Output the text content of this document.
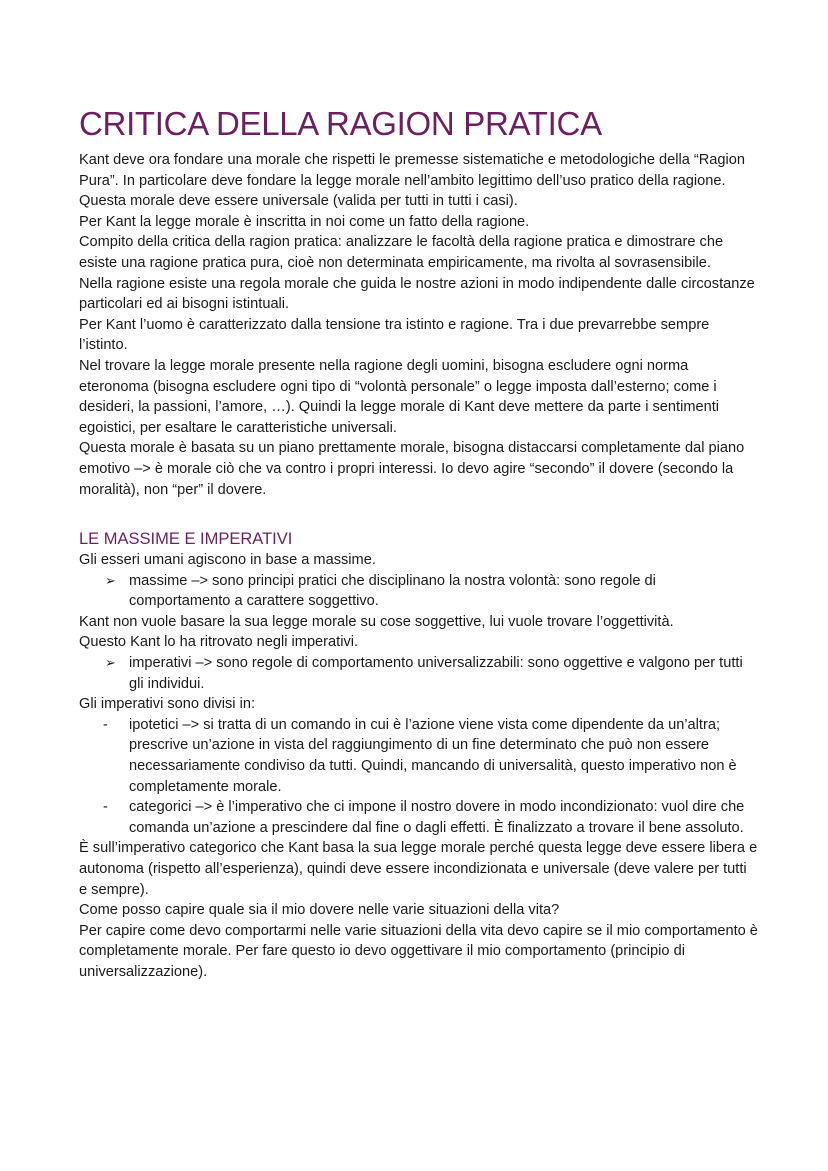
CRITICA DELLA RAGION PRATICA

Kant deve ora fondare una morale che rispetti le premesse sistematiche e metodologiche della “Ragion Pura”. In particolare deve fondare la legge morale nell’ambito legittimo dell’uso pratico della ragione. Questa morale deve essere universale (valida per tutti in tutti i casi).

Per Kant la legge morale è inscritta in noi come un fatto della ragione.

Compito della critica della ragion pratica: analizzare le facoltà della ragione pratica e dimostrare che esiste una ragione pratica pura, cioè non determinata empiricamente, ma rivolta al sovrasensibile.

Nella ragione esiste una regola morale che guida le nostre azioni in modo indipendente dalle circostanze particolari ed ai bisogni istintuali.

Per Kant l’uomo è caratterizzato dalla tensione tra istinto e ragione. Tra i due prevarrebbe sempre l’istinto.

Nel trovare la legge morale presente nella ragione degli uomini, bisogna escludere ogni norma eteronoma (bisogna escludere ogni tipo di “volontà personale” o legge imposta dall’esterno; come i desideri, la passioni, l’amore, …). Quindi la legge morale di Kant deve mettere da parte i sentimenti egoistici, per esaltare le caratteristiche universali.

Questa morale è basata su un piano prettamente morale, bisogna distaccarsi completamente dal piano emotivo –> è morale ciò che va contro i propri interessi. Io devo agire “secondo” il dovere (secondo la moralità), non “per” il dovere.

LE MASSIME E IMPERATIVI

Gli esseri umani agiscono in base a massime.

➢ massime –> sono principi pratici che disciplinano la nostra volontà: sono regole di comportamento a carattere soggettivo.

Kant non vuole basare la sua legge morale su cose soggettive, lui vuole trovare l’oggettività.

Questo Kant lo ha ritrovato negli imperativi.

➢ imperativi –> sono regole di comportamento universalizzabili: sono oggettive e valgono per tutti gli individui.

Gli imperativi sono divisi in:

- ipotetici –> si tratta di un comando in cui è l’azione viene vista come dipendente da un’altra; prescrive un’azione in vista del raggiungimento di un fine determinato che può non essere necessariamente condiviso da tutti. Quindi, mancando di universalità, questo imperativo non è completamente morale.
- categorici –> è l’imperativo che ci impone il nostro dovere in modo incondizionato: vuol dire che comanda un’azione a prescindere dal fine o dagli effetti. È finalizzato a trovare il bene assoluto.

È sull’imperativo categorico che Kant basa la sua legge morale perché questa legge deve essere libera e autonoma (rispetto all’esperienza), quindi deve essere incondizionata e universale (deve valere per tutti e sempre).

Come posso capire quale sia il mio dovere nelle varie situazioni della vita?

Per capire come devo comportarmi nelle varie situazioni della vita devo capire se il mio comportamento è completamente morale. Per fare questo io devo oggettivare il mio comportamento (principio di universalizzazione).
